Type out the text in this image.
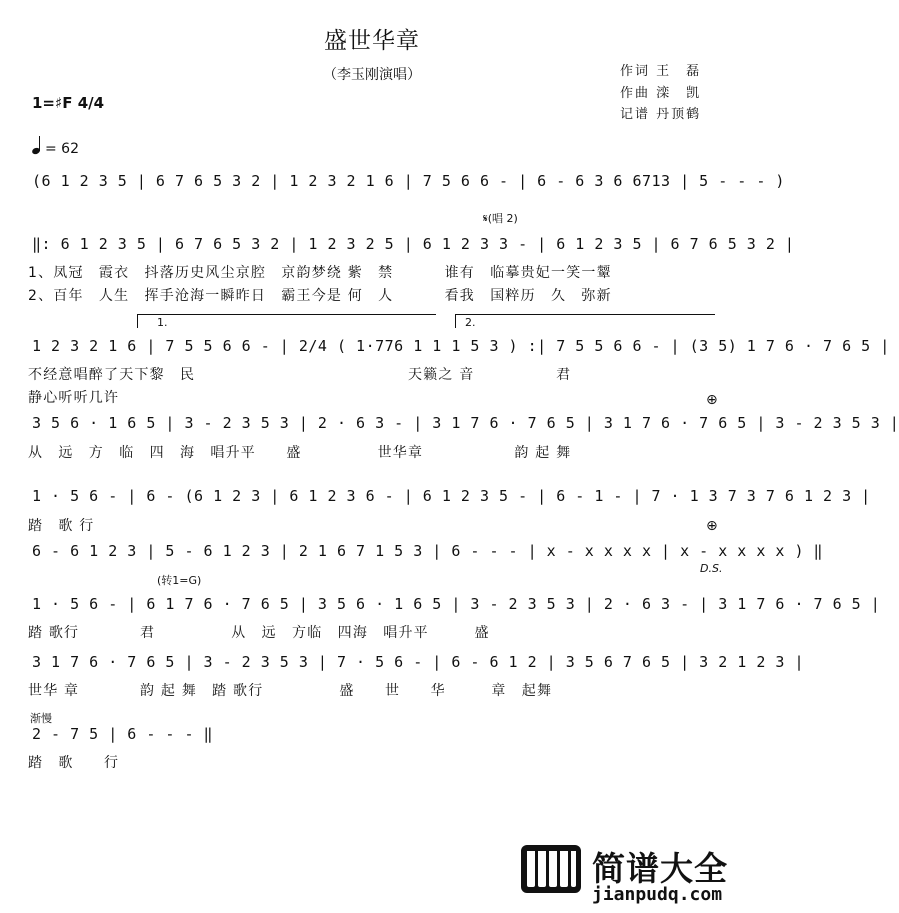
盛世华章
（李玉刚演唱）	作词 王　磊
作曲 滦　凯
记谱 丹顶鹤
1=♯F 4/4
= 62
(6 1 2 3 5 | 6 7 6 5 3 2 | 1 2 3 2 1 6 | 7 5 6 6 - | 6 - 6 3 6 6713 | 5 - - - )
𝄋(唱 2)
‖: 6 1 2 3 5 | 6 7 6 5 3 2 | 1 2 3 2 5 | 6 1 2 3 3 - | 6 1 2 3 5 | 6 7 6 5 3 2 |
1、凤冠　霞衣　抖落历史风尘京腔　京韵梦绕 紫　禁　　　 谁有　临摹贵妃一笑一颦
2、百年　人生　挥手沧海一瞬昨日　霸王今是 何　人　　　 看我　国粹历　久　弥新
1.	2.
1 2 3 2 1 6 | 7 5 5 6 6 - | 2/4 ( 1·776 1 1 1 5 3 ) :| 7 5 5 6 6 - | (3 5) 1 7 6 · 7 6 5 |
不经意唱醉了天下黎　民　　　　　　　　　　　　　　天籁之 音　　　　　 君
静心听听几许	⊕
3 5 6 · 1 6 5 | 3 - 2 3 5 3 | 2 · 6 3 - | 3 1 7 6 · 7 6 5 | 3 1 7 6 · 7 6 5 | 3 - 2 3 5 3 |
从　远　方　临　四　海　唱升平　　盛　　　　　世华章　　　　　　韵 起 舞
1 · 5 6 - | 6 - (6 1 2 3 | 6 1 2 3 6 - | 6 1 2 3 5 - | 6 - 1 - | 7 · 1 3 7 3 7 6 1 2 3 |
踏　歌 行	⊕
6 - 6 1 2 3 | 5 - 6 1 2 3 | 2 1 6 7 1 5 3 | 6 - - - | x - x x x x | x - x x x x ) ‖
D.S.
(转1=G)
1 · 5 6 - | 6 1 7 6 · 7 6 5 | 3 5 6 · 1 6 5 | 3 - 2 3 5 3 | 2 · 6 3 - | 3 1 7 6 · 7 6 5 |
踏 歌行　　　　君　　　　　从　远　方临　四海　唱升平　　　盛
3 1 7 6 · 7 6 5 | 3 - 2 3 5 3 | 7 · 5 6 - | 6 - 6 1 2 | 3 5 6 7 6 5 | 3 2 1 2 3 |
世华 章　　　　韵 起 舞　踏 歌行　　　　　盛　　世　　华　　　章　起舞
渐慢
2 - 7 5 | 6 - - - ‖
踏　歌　　行
简谱大全
jianpudq.com
